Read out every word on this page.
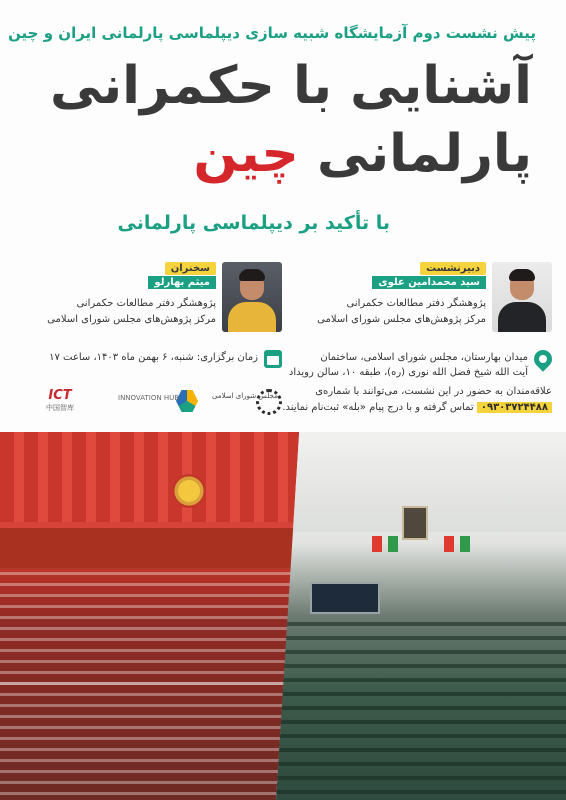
پیش نشست دوم آزمایشگاه شبیه سازی دیپلماسی پارلمانی ایران و چین
آشنایی با حکمرانی
پارلمانی چین
با تأکید بر دیپلماسی پارلمانی
دبیرنشست
سید محمدامین علوی
پژوهشگر دفتر مطالعات حکمرانی
مرکز پژوهش‌های مجلس شورای اسلامی
سخنران
میثم بهارلو
پژوهشگر دفتر مطالعات حکمرانی
مرکز پژوهش‌های مجلس شورای اسلامی
میدان بهارستان، مجلس شورای اسلامی، ساختمان
آیت الله شیخ فضل الله نوری (ره)، طبقه ۱۰، سالن رویداد
زمان برگزاری: شنبه، ۶ بهمن ماه ۱۴۰۳، ساعت ۱۷
علاقه‌مندان به حضور در این نشست، می‌توانند با شماره‌ی
۰۹۳۰۳۷۲۴۴۸۸ تماس گرفته و با درج پیام «بله» ثبت‌نام نمایند.
ICT
中国智库
INNOVATION HUB	مجلس شورای اسلامی
